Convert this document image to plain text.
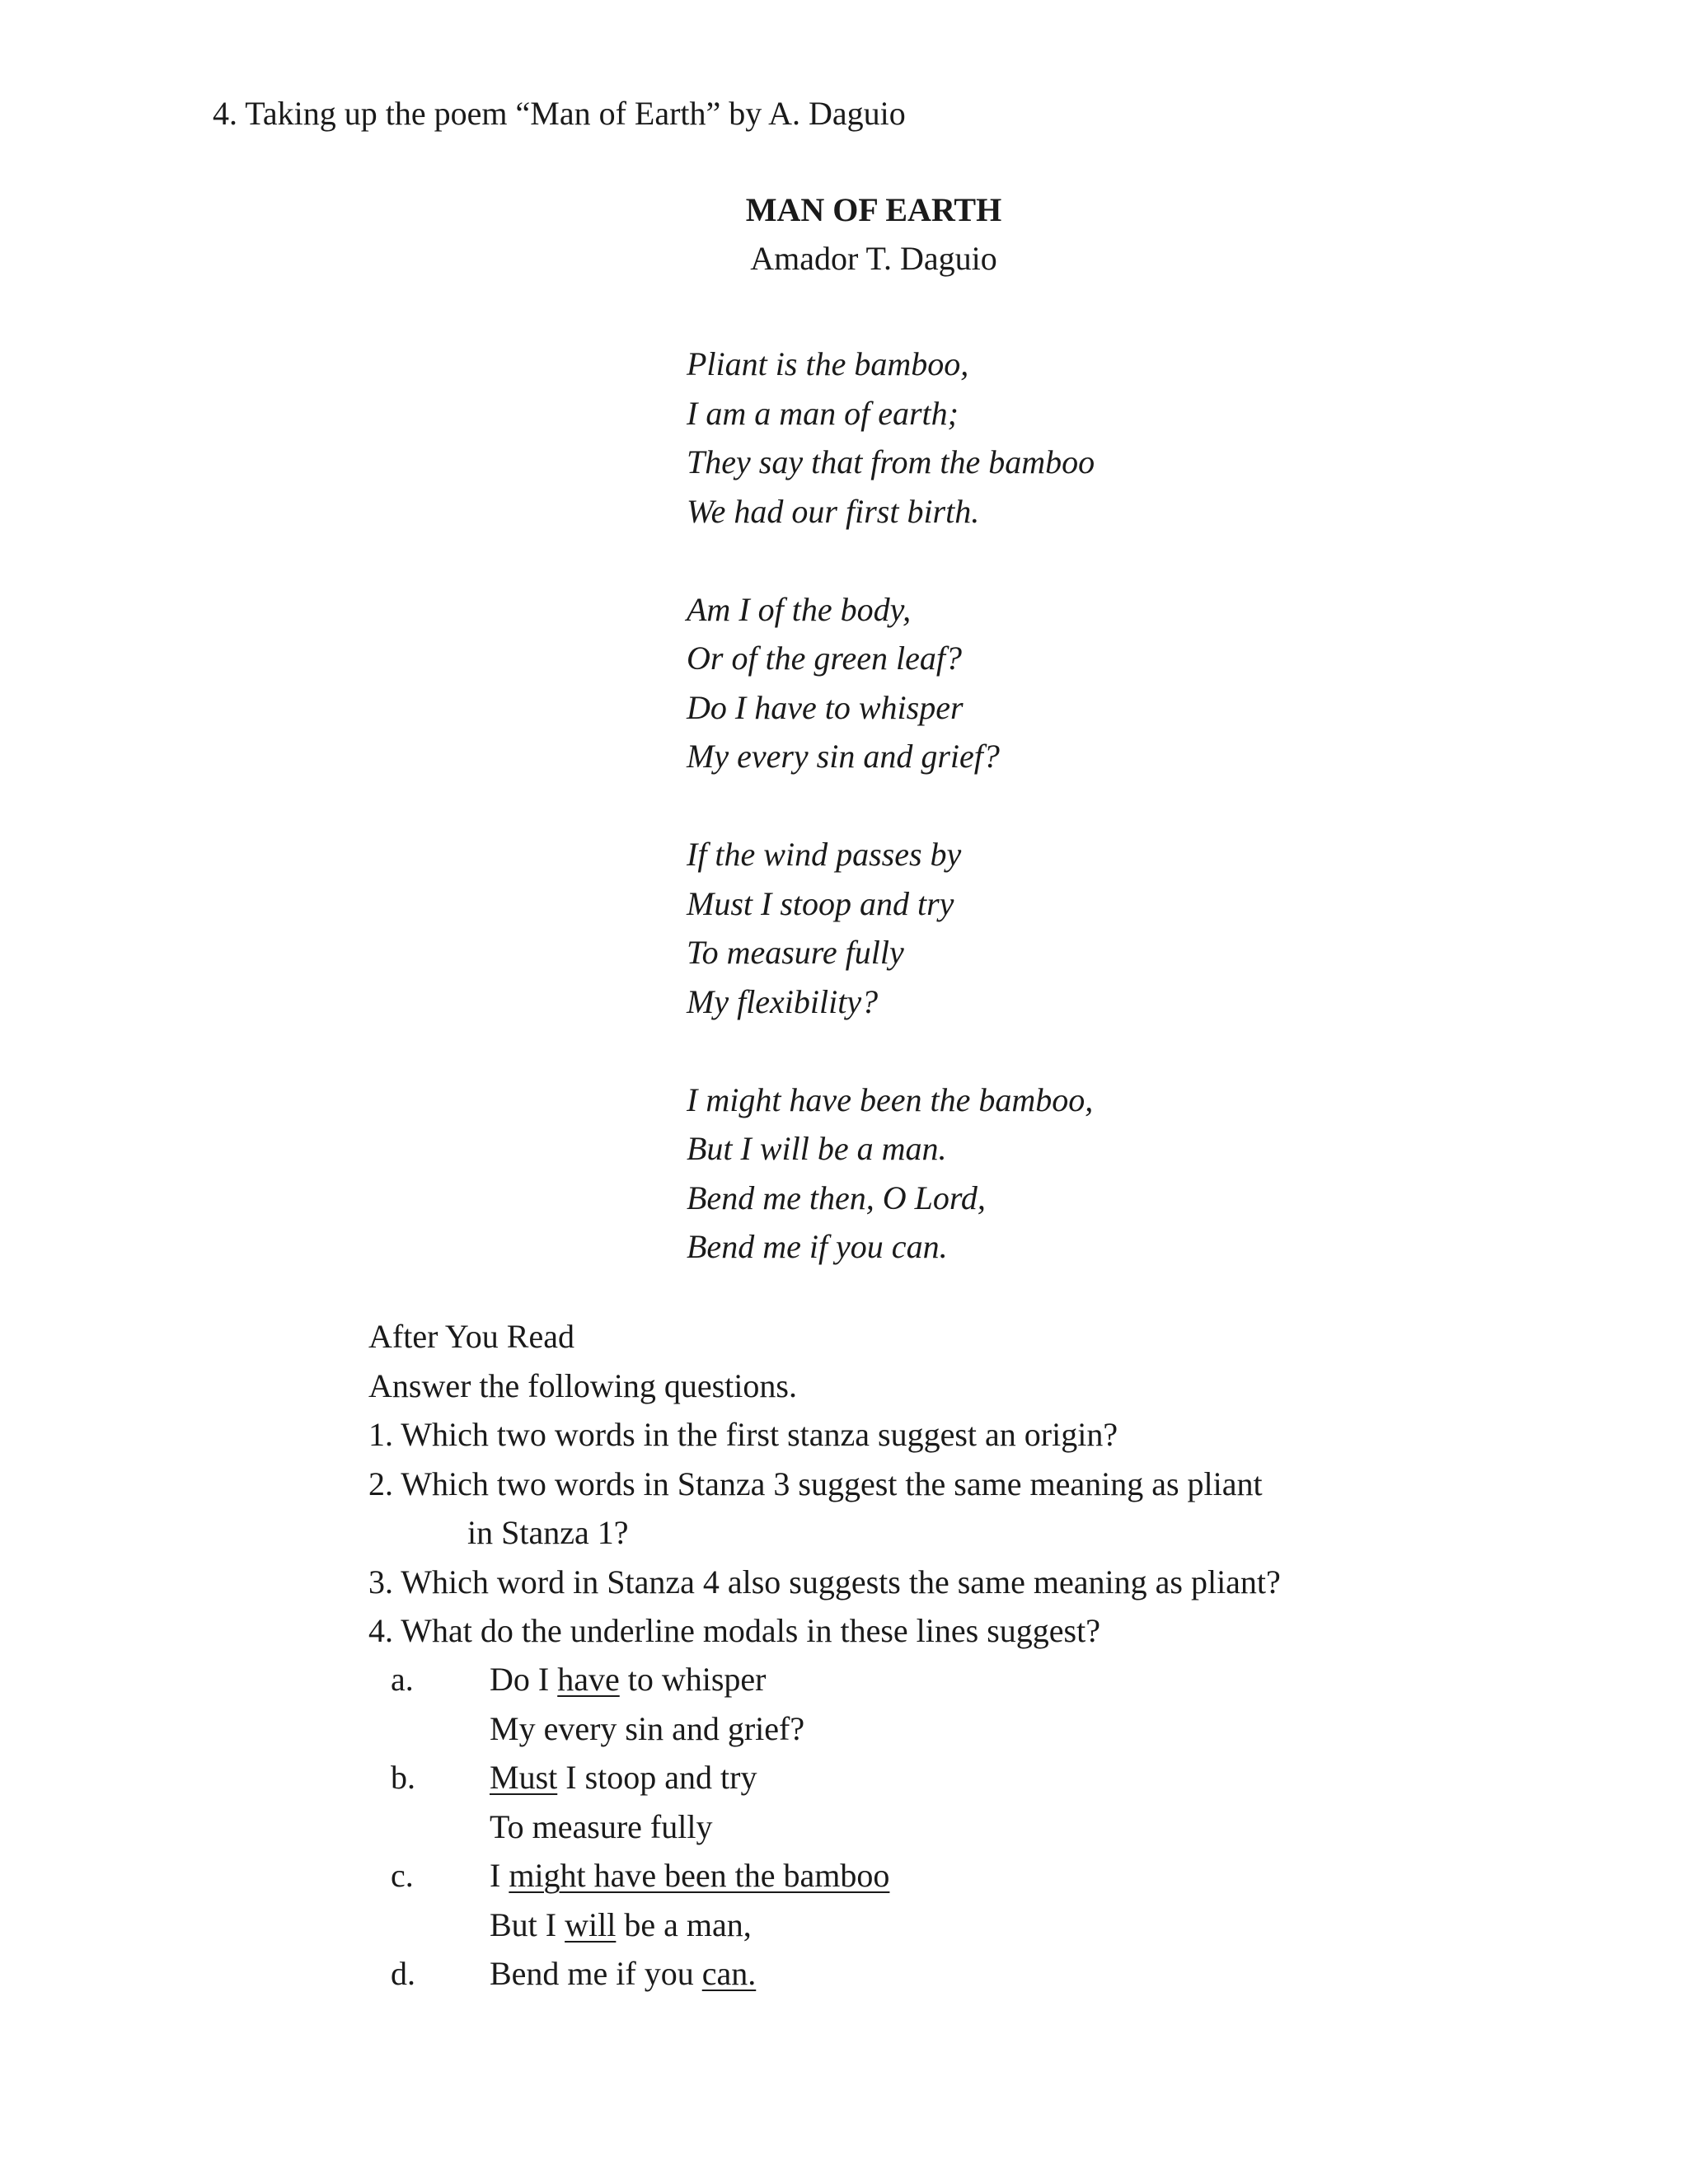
4. Taking up the poem “Man of Earth” by A. Daguio
MAN OF EARTH
Amador T. Daguio
Pliant is the bamboo,
I am a man of earth;
They say that from the bamboo
We had our first birth.
Am I of the body,
Or of the green leaf?
Do I have to whisper
My every sin and grief?
If the wind passes by
Must I stoop and try
To measure fully
My flexibility?
I might have been the bamboo,
But I will be a man.
Bend me then, O Lord,
Bend me if you can.
After You Read
Answer the following questions.
1. Which two words in the first stanza suggest an origin?
2. Which two words in Stanza 3 suggest the same meaning as pliant
in Stanza 1?
3. Which word in Stanza 4 also suggests the same meaning as pliant?
4. What do the underline modals in these lines suggest?
a. Do I have to whisper
My every sin and grief?
b. Must I stoop and try
To measure fully
c. I might have been the bamboo
But I will be a man,
d. Bend me if you can.
